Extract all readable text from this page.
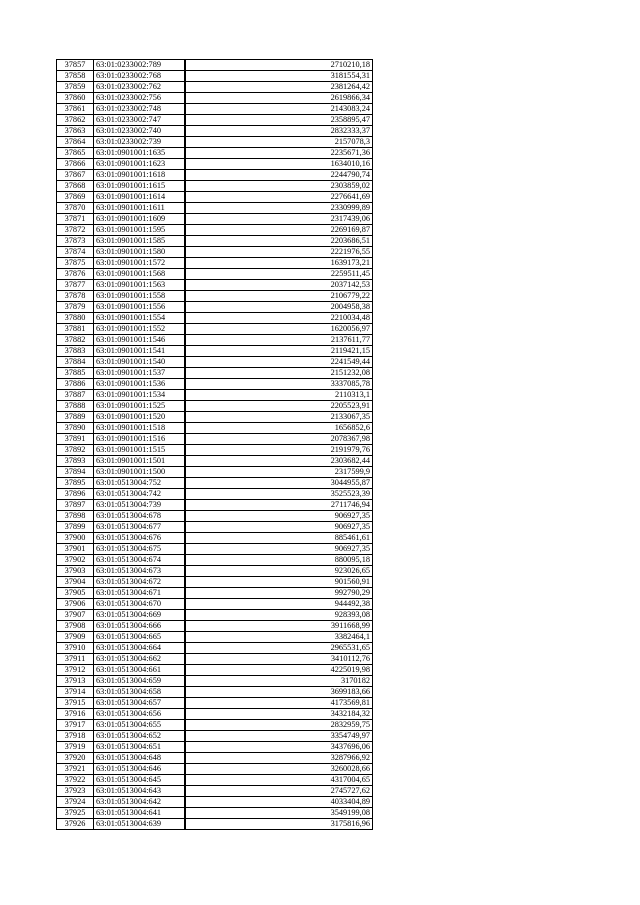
37857	63:01:0233002:789	2710210,18
37858	63:01:0233002:768	3181554,31
37859	63:01:0233002:762	2381264,42
37860	63:01:0233002:756	2619866,34
37861	63:01:0233002:748	2143083,24
37862	63:01:0233002:747	2358895,47
37863	63:01:0233002:740	2832333,37
37864	63:01:0233002:739	2157078,3
37865	63:01:0901001:1635	2235671,36
37866	63:01:0901001:1623	1634010,16
37867	63:01:0901001:1618	2244790,74
37868	63:01:0901001:1615	2303859,02
37869	63:01:0901001:1614	2276641,69
37870	63:01:0901001:1611	2330999,89
37871	63:01:0901001:1609	2317439,06
37872	63:01:0901001:1595	2269169,87
37873	63:01:0901001:1585	2203686,51
37874	63:01:0901001:1580	2221976,55
37875	63:01:0901001:1572	1639173,21
37876	63:01:0901001:1568	2259511,45
37877	63:01:0901001:1563	2037142,53
37878	63:01:0901001:1558	2106779,22
37879	63:01:0901001:1556	2004958,38
37880	63:01:0901001:1554	2210034,48
37881	63:01:0901001:1552	1620056,97
37882	63:01:0901001:1546	2137611,77
37883	63:01:0901001:1541	2119421,15
37884	63:01:0901001:1540	2241549,44
37885	63:01:0901001:1537	2151232,08
37886	63:01:0901001:1536	3337085,78
37887	63:01:0901001:1534	2110313,1
37888	63:01:0901001:1525	2205523,91
37889	63:01:0901001:1520	2133067,35
37890	63:01:0901001:1518	1656852,6
37891	63:01:0901001:1516	2078367,98
37892	63:01:0901001:1515	2191979,76
37893	63:01:0901001:1501	2303682,44
37894	63:01:0901001:1500	2317599,9
37895	63:01:0513004:752	3044955,87
37896	63:01:0513004:742	3525523,39
37897	63:01:0513004:739	2711746,94
37898	63:01:0513004:678	906927,35
37899	63:01:0513004:677	906927,35
37900	63:01:0513004:676	885461,61
37901	63:01:0513004:675	906927,35
37902	63:01:0513004:674	880095,18
37903	63:01:0513004:673	923026,65
37904	63:01:0513004:672	901560,91
37905	63:01:0513004:671	992790,29
37906	63:01:0513004:670	944492,38
37907	63:01:0513004:669	928393,08
37908	63:01:0513004:666	3911668,99
37909	63:01:0513004:665	3382464,1
37910	63:01:0513004:664	2965531,65
37911	63:01:0513004:662	3410112,76
37912	63:01:0513004:661	4225019,98
37913	63:01:0513004:659	3170182
37914	63:01:0513004:658	3699183,66
37915	63:01:0513004:657	4173569,81
37916	63:01:0513004:656	3432184,32
37917	63:01:0513004:655	2832959,75
37918	63:01:0513004:652	3354749,97
37919	63:01:0513004:651	3437696,06
37920	63:01:0513004:648	3287966,92
37921	63:01:0513004:646	3260028,66
37922	63:01:0513004:645	4317004,65
37923	63:01:0513004:643	2745727,62
37924	63:01:0513004:642	4033404,89
37925	63:01:0513004:641	3549199,08
37926	63:01:0513004:639	3175816,96
